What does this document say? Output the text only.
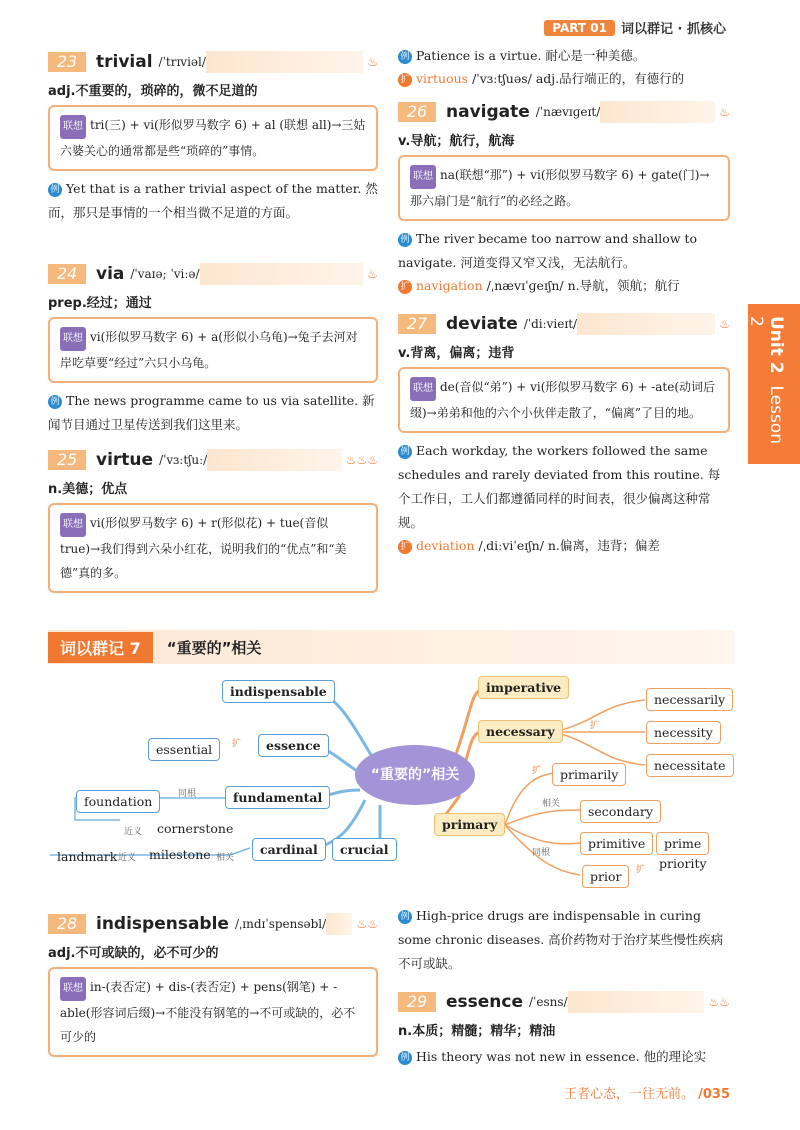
PART 01	词以群记 · 抓核心
Unit 2  Lesson 2
23	trivial /ˈtrɪviəl/	♨
adj.不重要的，琐碎的，微不足道的
联想 tri(三) + vi(形似罗马数字 6) + al (联想 all)→三姑六婆关心的通常都是些“琐碎的”事情。
例 Yet that is a rather trivial aspect of the matter. 然而，那只是事情的一个相当微不足道的方面。
24	via /ˈvaɪə; ˈviːə/	♨
prep.经过；通过
联想 vi(形似罗马数字 6) + a(形似小乌龟)→兔子去河对岸吃草要“经过”六只小乌龟。
例 The news programme came to us via satellite. 新闻节目通过卫星传送到我们这里来。
25	virtue /ˈvɜːtʃuː/	♨♨♨
n.美德；优点
联想 vi(形似罗马数字 6) + r(形似花) + tue(音似 true)→我们得到六朵小红花，说明我们的“优点”和“美德”真的多。
例 Patience is a virtue. 耐心是一种美德。
扩 virtuous /ˈvɜːtʃuəs/ adj.品行端正的，有德行的
26	navigate /ˈnævɪɡeɪt/	♨
v.导航；航行，航海
联想 na(联想“那”) + vi(形似罗马数字 6) + gate(门)→那六扇门是“航行”的必经之路。
例 The river became too narrow and shallow to navigate. 河道变得又窄又浅，无法航行。
扩 navigation /ˌnævɪˈɡeɪʃn/ n.导航，领航；航行
27	deviate /ˈdiːvieɪt/	♨
v.背离，偏离；违背
联想 de(音似“弟”) + vi(形似罗马数字 6) + -ate(动词后缀)→弟弟和他的六个小伙伴走散了，“偏离”了目的地。
例 Each workday, the workers followed the same schedules and rarely deviated from this routine. 每个工作日，工人们都遵循同样的时间表，很少偏离这种常规。
扩 deviation /ˌdiːviˈeɪʃn/ n.偏离，违背；偏差
词以群记 7	“重要的”相关
“重要的”相关
indispensable
essence
essential	扩
fundamental
同根
foundation
近义	cornerstone
cardinal	crucial
landmark 近义	milestone 相关
imperative
necessary	扩
necessarily
necessity
necessitate
primary
扩	primarily
相关	secondary
同根
primitive	prime
prior	扩	priority
28	indispensable /ˌɪndɪˈspensəbl/	♨♨
adj.不可或缺的，必不可少的
联想 in-(表否定) + dis-(表否定) + pens(钢笔) + -able(形容词后缀)→不能没有钢笔的→不可或缺的，必不可少的
例 High-price drugs are indispensable in curing some chronic diseases. 高价药物对于治疗某些慢性疾病不可或缺。
29	essence /ˈesns/	♨♨
n.本质；精髓；精华；精油
例 His theory was not new in essence. 他的理论实
王者心态，一往无前。 /035
